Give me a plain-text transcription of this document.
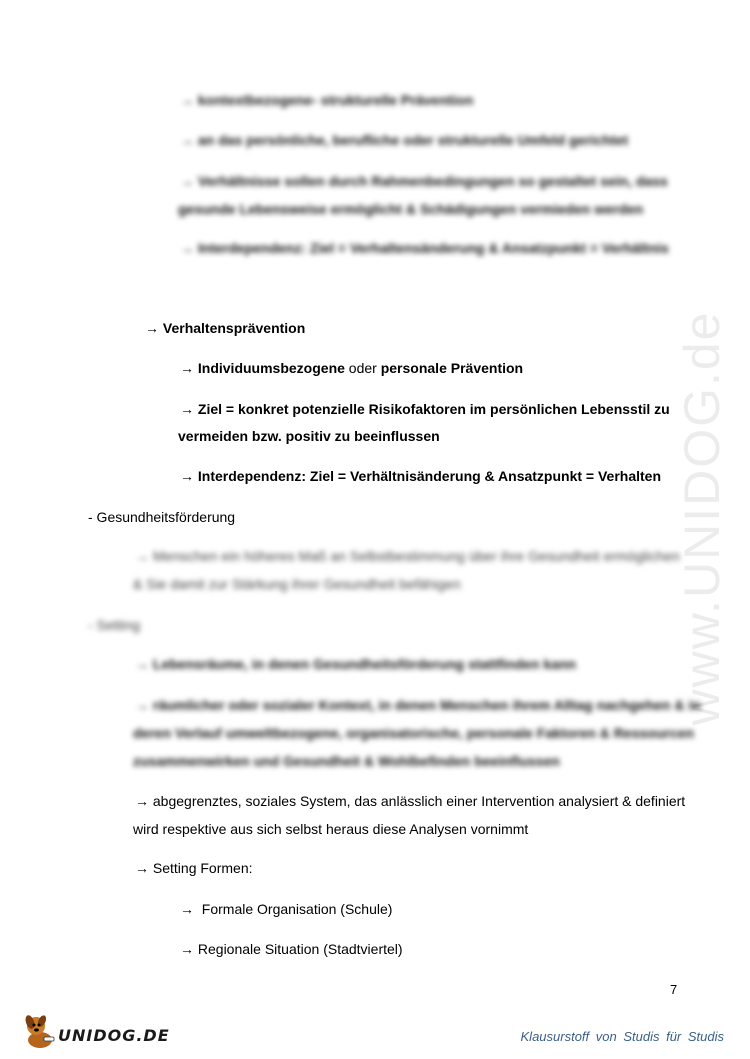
www.UNIDOG.de
→ kontextbezogene- strukturelle Prävention
→ an das persönliche, berufliche oder strukturelle Umfeld gerichtet
→ Verhältnisse sollen durch Rahmenbedingungen so gestaltet sein, dass
gesunde Lebensweise ermöglicht & Schädigungen vermieden werden
→ Interdependenz: Ziel = Verhaltensänderung & Ansatzpunkt = Verhältnis
→ Verhaltensprävention
→ Individuumsbezogene oder personale Prävention
→ Ziel = konkret potenzielle Risikofaktoren im persönlichen Lebensstil zu
vermeiden bzw. positiv zu beeinflussen
→ Interdependenz: Ziel = Verhältnisänderung & Ansatzpunkt = Verhalten
- Gesundheitsförderung
→ Menschen ein höheres Maß an Selbstbestimmung über ihre Gesundheit ermöglichen
& Sie damit zur Stärkung ihrer Gesundheit befähigen
- Setting
→ Lebensräume, in denen Gesundheitsförderung stattfinden kann
→ räumlicher oder sozialer Kontext, in denen Menschen ihrem Alltag nachgehen & in
deren Verlauf umweltbezogene, organisatorische, personale Faktoren & Ressourcen
zusammenwirken und Gesundheit & Wohlbefinden beeinflussen
→ abgegrenztes, soziales System, das anlässlich einer Intervention analysiert & definiert
wird respektive aus sich selbst heraus diese Analysen vornimmt
→ Setting Formen:
→ Formale Organisation (Schule)
→ Regionale Situation (Stadtviertel)
7
UNIDOG.DE	Klausurstoff von Studis für Studis
